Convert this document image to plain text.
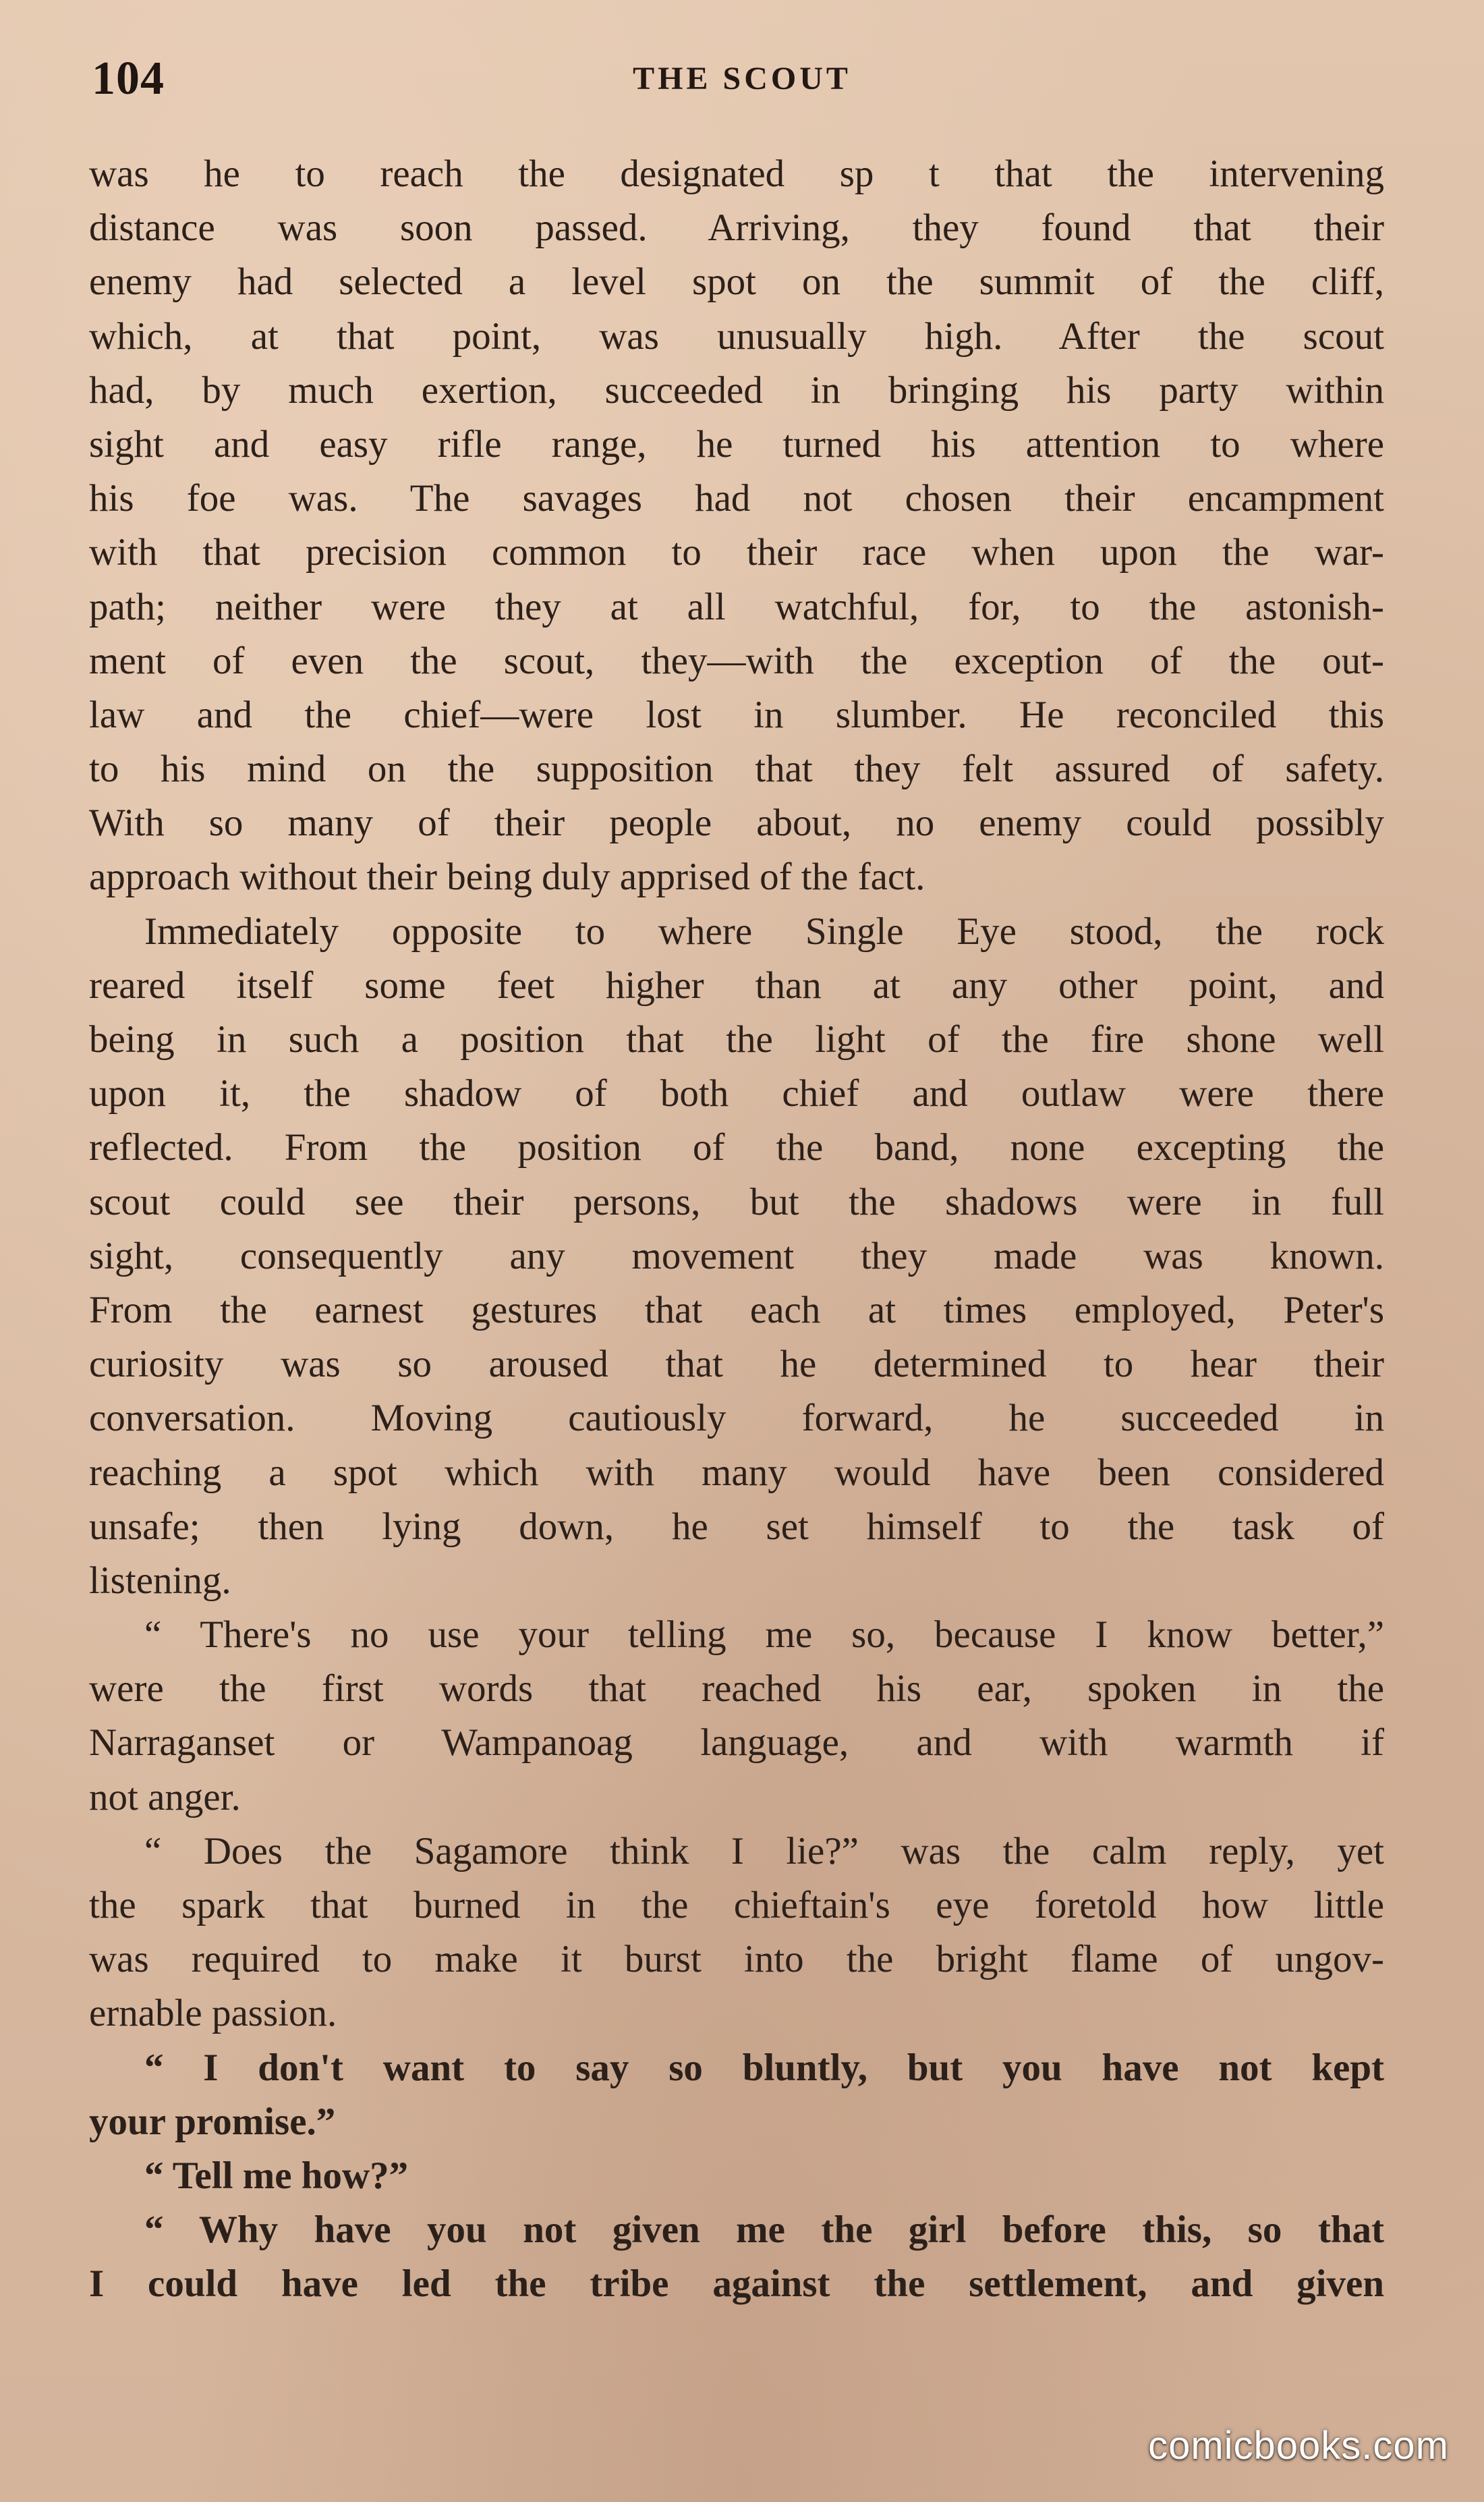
104	THE SCOUT

was he to reach the designated sp t that the intervening
distance was soon passed. Arriving, they found that their
enemy had selected a level spot on the summit of the cliff,
which, at that point, was unusually high. After the scout
had, by much exertion, succeeded in bringing his party within
sight and easy rifle range, he turned his attention to where
his foe was. The savages had not chosen their encampment
with that precision common to their race when upon the war-
path; neither were they at all watchful, for, to the astonish-
ment of even the scout, they—with the exception of the out-
law and the chief—were lost in slumber. He reconciled this
to his mind on the supposition that they felt assured of safety.
With so many of their people about, no enemy could possibly
approach without their being duly apprised of the fact.
Immediately opposite to where Single Eye stood, the rock
reared itself some feet higher than at any other point, and
being in such a position that the light of the fire shone well
upon it, the shadow of both chief and outlaw were there
reflected. From the position of the band, none excepting the
scout could see their persons, but the shadows were in full
sight, consequently any movement they made was known.
From the earnest gestures that each at times employed, Peter's
curiosity was so aroused that he determined to hear their
conversation. Moving cautiously forward, he succeeded in
reaching a spot which with many would have been considered
unsafe; then lying down, he set himself to the task of
listening.
“ There's no use your telling me so, because I know better,”
were the first words that reached his ear, spoken in the
Narraganset or Wampanoag language, and with warmth if
not anger.
“ Does the Sagamore think I lie?” was the calm reply, yet
the spark that burned in the chieftain's eye foretold how little
was required to make it burst into the bright flame of ungov-
ernable passion.
“ I don't want to say so bluntly, but you have not kept
your promise.”
“ Tell me how?”
“ Why have you not given me the girl before this, so that
I could have led the tribe against the settlement, and given

comicbooks.com
